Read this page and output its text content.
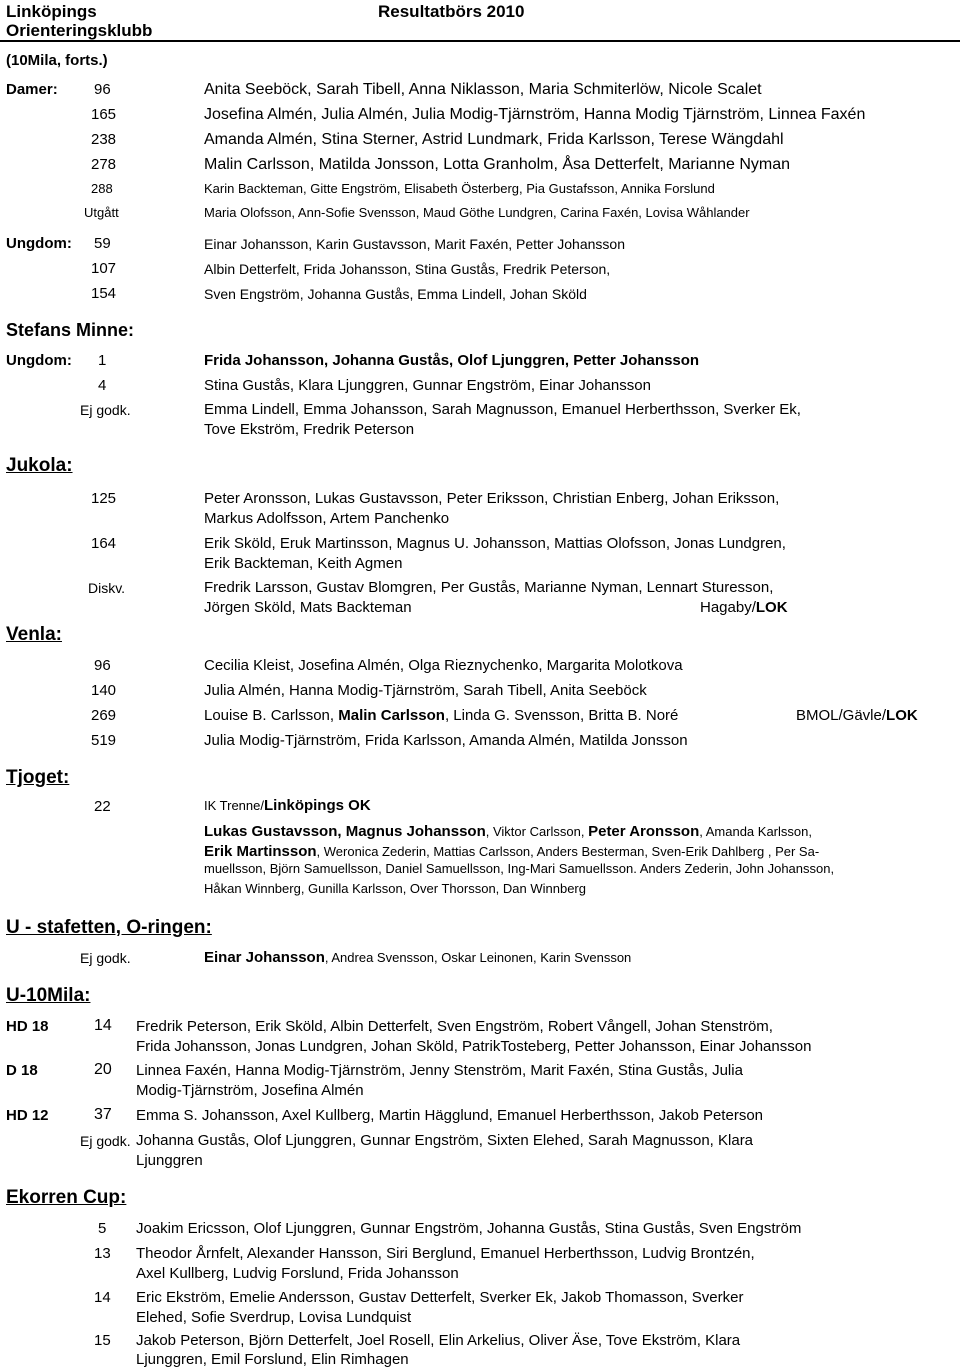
Linköpings
Orienteringsklubb
Resultatbörs 2010
(10Mila, forts.)
Damer: 96	Anita Seeböck, Sarah Tibell, Anna Niklasson, Maria Schmiterlöw, Nicole Scalet
165	Josefina Almén, Julia Almén, Julia Modig-Tjärnström, Hanna Modig Tjärnström, Linnea Faxén
238	Amanda Almén, Stina Sterner, Astrid Lundmark, Frida Karlsson, Terese Wängdahl
278	Malin Carlsson, Matilda Jonsson, Lotta Granholm, Åsa Detterfelt, Marianne Nyman
288	Karin Backteman, Gitte Engström, Elisabeth Österberg, Pia Gustafsson, Annika Forslund
Utgått	Maria Olofsson, Ann-Sofie Svensson, Maud Göthe Lundgren, Carina Faxén, Lovisa Wåhlander
Ungdom: 59	Einar Johansson, Karin Gustavsson, Marit Faxén, Petter Johansson
107	Albin Detterfelt, Frida Johansson, Stina Gustås, Fredrik Peterson,
154	Sven Engström, Johanna Gustås, Emma Lindell, Johan Sköld
Stefans Minne:
Ungdom: 1	Frida Johansson, Johanna Gustås, Olof Ljunggren, Petter Johansson
4	Stina Gustås, Klara Ljunggren, Gunnar Engström, Einar Johansson
Ej godk.	Emma Lindell, Emma Johansson, Sarah Magnusson, Emanuel Herberthsson, Sverker Ek,
Tove Ekström, Fredrik Peterson
Jukola:
125	Peter Aronsson, Lukas Gustavsson, Peter Eriksson, Christian Enberg, Johan Eriksson,
Markus Adolfsson, Artem Panchenko
164	Erik Sköld, Eruk Martinsson, Magnus U. Johansson, Mattias Olofsson, Jonas Lundgren,
Erik Backteman, Keith Agmen
Diskv.	Fredrik Larsson, Gustav Blomgren, Per Gustås, Marianne Nyman, Lennart Sturesson,
Jörgen Sköld, Mats Backteman	Hagaby/LOK
Venla:
96	Cecilia Kleist, Josefina Almén, Olga Rieznychenko, Margarita Molotkova
140	Julia Almén, Hanna Modig-Tjärnström, Sarah Tibell, Anita Seeböck
269	Louise B. Carlsson, Malin Carlsson, Linda G. Svensson, Britta B. Noré	BMOL/Gävle/LOK
519	Julia Modig-Tjärnström, Frida Karlsson, Amanda Almén, Matilda Jonsson
Tjoget:
22	IK Trenne/Linköpings OK
Lukas Gustavsson, Magnus Johansson, Viktor Carlsson, Peter Aronsson, Amanda Karlsson,
Erik Martinsson, Weronica Zederin, Mattias Carlsson, Anders Besterman, Sven-Erik Dahlberg , Per Sa-
muellsson, Björn Samuellsson, Daniel Samuellsson, Ing-Mari Samuellsson. Anders Zederin, John Johansson,
Håkan Winnberg, Gunilla Karlsson, Over Thorsson, Dan Winnberg
U - stafetten, O-ringen:
Ej godk.	Einar Johansson, Andrea Svensson, Oskar Leinonen, Karin Svensson
U-10Mila:
HD 18	14 Fredrik Peterson, Erik Sköld, Albin Detterfelt, Sven Engström, Robert Vångell, Johan Stenström,
Frida Johansson, Jonas Lundgren, Johan Sköld, PatrikTosteberg, Petter Johansson, Einar Johansson
D 18	20 Linnea Faxén, Hanna Modig-Tjärnström, Jenny Stenström, Marit Faxén, Stina Gustås, Julia
Modig-Tjärnström, Josefina Almén
HD 12	37 Emma S. Johansson, Axel Kullberg, Martin Hägglund, Emanuel Herberthsson, Jakob Peterson
Ej godk. Johanna Gustås, Olof Ljunggren, Gunnar Engström, Sixten Elehed, Sarah Magnusson, Klara
Ljunggren
Ekorren Cup:
5 Joakim Ericsson, Olof Ljunggren, Gunnar Engström, Johanna Gustås, Stina Gustås, Sven Engström
13 Theodor Årnfelt, Alexander Hansson, Siri Berglund, Emanuel Herberthsson, Ludvig Brontzén,
Axel Kullberg, Ludvig Forslund, Frida Johansson
14 Eric Ekström, Emelie Andersson, Gustav Detterfelt, Sverker Ek, Jakob Thomasson, Sverker
Elehed, Sofie Sverdrup, Lovisa Lundquist
15 Jakob Peterson, Björn Detterfelt, Joel Rosell, Elin Arkelius, Oliver Äse, Tove Ekström, Klara
Ljunggren, Emil Forslund, Elin Rimhagen
